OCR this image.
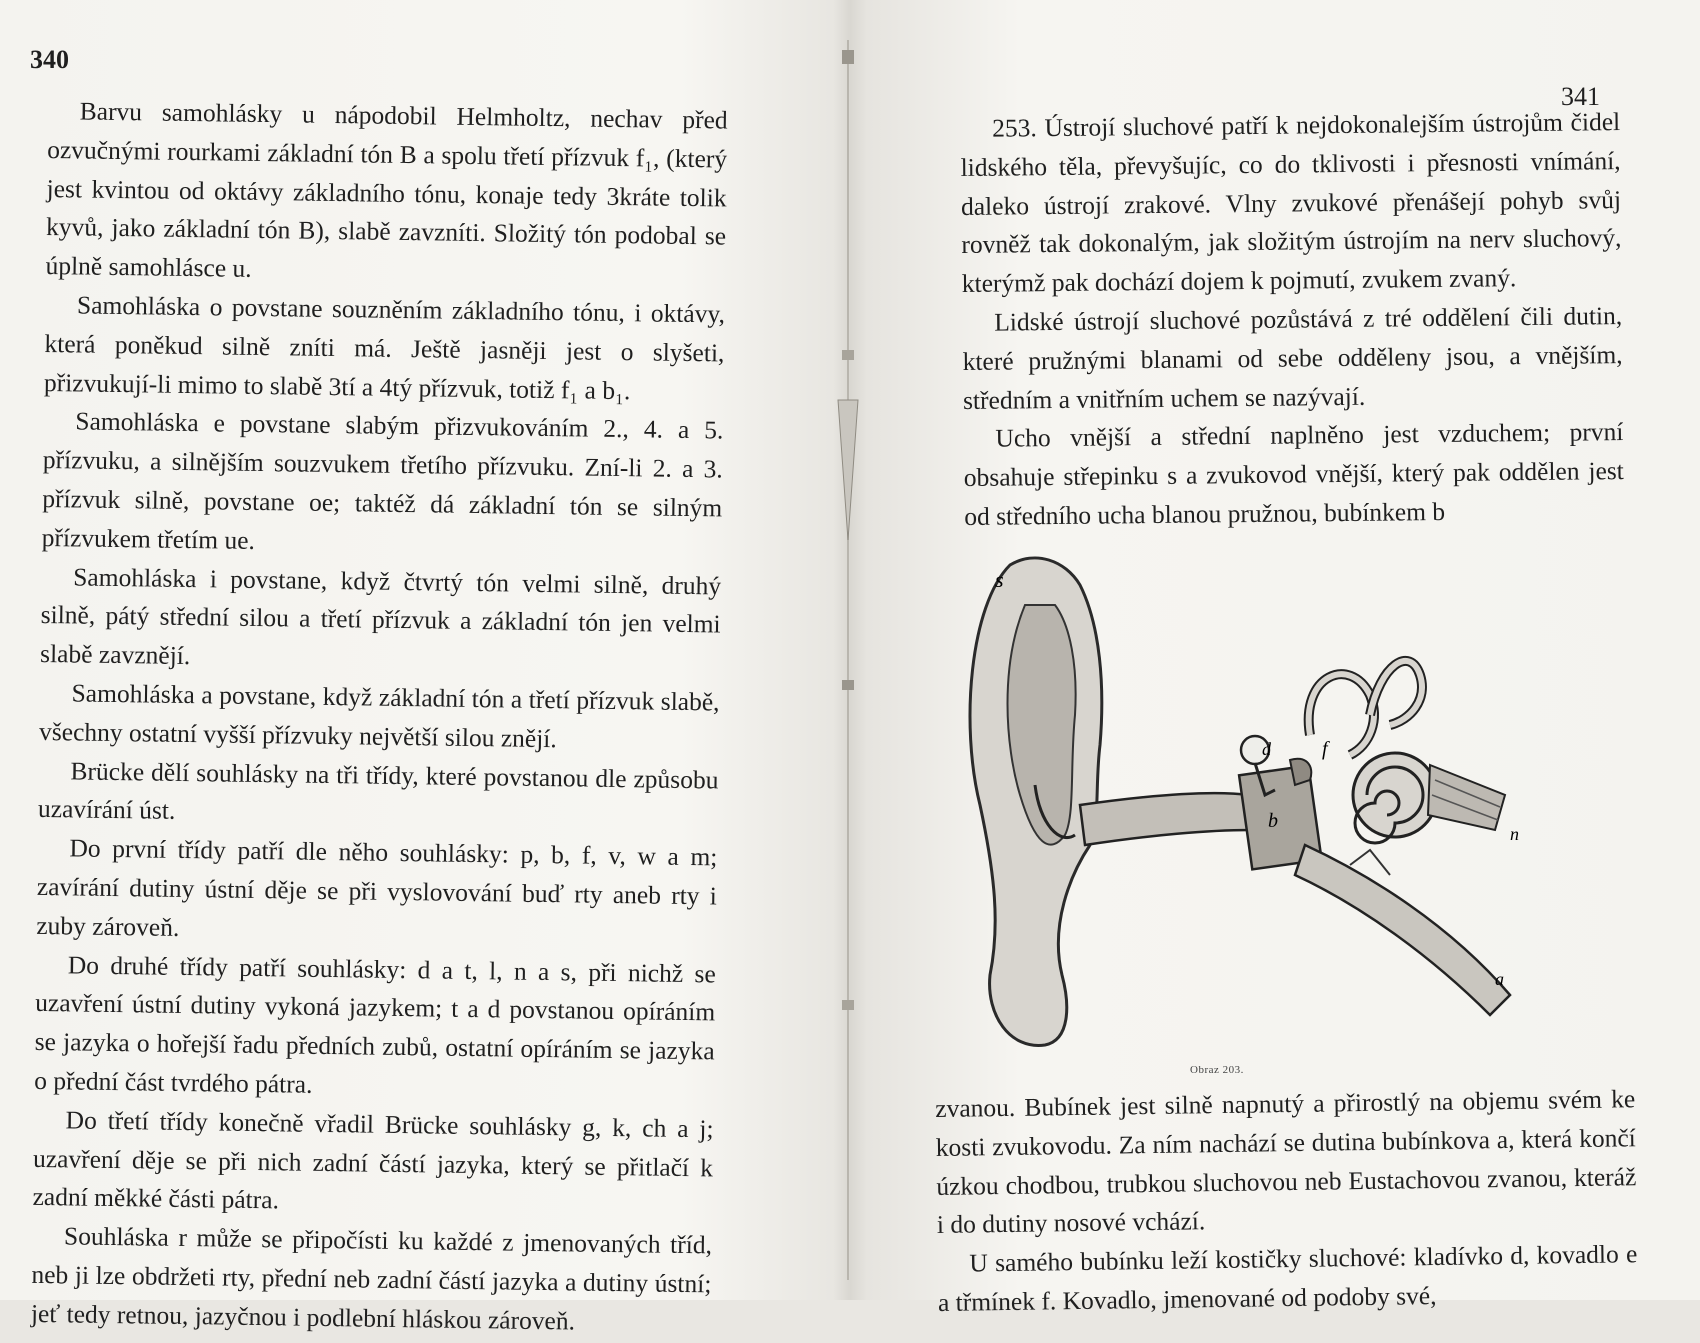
340

Barvu samohlásky u nápodobil Helmholtz, nechav před ozvučnými rourkami základní tón B a spolu třetí přízvuk f₁, (který jest kvintou od oktávy základního tónu, konaje tedy 3kráte tolik kyvů, jako základní tón B), slabě zavzníti. Složitý tón podobal se úplně samohlásce u.

Samohláska o povstane souzněním základního tónu, i oktávy, která poněkud silně zníti má. Ještě jasněji jest o slyšeti, přizvukují-li mimo to slabě 3tí a 4tý přízvuk, totiž f₁ a b₁.

Samohláska e povstane slabým přizvukováním 2., 4. a 5. přízvuku, a silnějším souzvukem třetího přízvuku. Zní-li 2. a 3. přízvuk silně, povstane oe; taktéž dá základní tón se silným přízvukem třetím ue.

Samohláska i povstane, když čtvrtý tón velmi silně, druhý silně, pátý střední silou a třetí přízvuk a základní tón jen velmi slabě zavznějí.

Samohláska a povstane, když základní tón a třetí přízvuk slabě, všechny ostatní vyšší přízvuky největší silou znějí.

Brücke dělí souhlásky na tři třídy, které povstanou dle způsobu uzavírání úst.

Do první třídy patří dle něho souhlásky: p, b, f, v, w a m; zavírání dutiny ústní děje se při vyslovování buď rty aneb rty i zuby zároveň.

Do druhé třídy patří souhlásky: d a t, l, n a s, při nichž se uzavření ústní dutiny vykoná jazykem; t a d povstanou opíráním se jazyka o hořejší řadu předních zubů, ostatní opíráním se jazyka o přední část tvrdého pátra.

Do třetí třídy konečně vřadil Brücke souhlásky g, k, ch a j; uzavření děje se při nich zadní částí jazyka, který se přitlačí k zadní měkké části pátra.

Souhláska r může se připočísti ku každé z jmenovaných tříd, neb ji lze obdržeti rty, přední neb zadní částí jazyka a dutiny ústní; jeť tedy retnou, jazyčnou i podlební hláskou zároveň.

341

253. Ústrojí sluchové patří k nejdokonalejším ústrojům čidel lidského těla, převyšujíc, co do tklivosti i přesnosti vnímání, daleko ústrojí zrakové. Vlny zvukové přenášejí pohyb svůj rovněž tak dokonalým, jak složitým ústrojím na nerv sluchový, kterýmž pak dochází dojem k pojmutí, zvukem zvaný.

Lidské ústrojí sluchové pozůstává z tré oddělení čili dutin, které pružnými blanami od sebe odděleny jsou, a vnějším, středním a vnitřním uchem se nazývají.

Ucho vnější a střední naplněno jest vzduchem; první obsahuje střepinku s a zvukovod vnější, který pak oddělen jest od středního ucha blanou pružnou, bubínkem b

s
b
d	f
n
a
Obraz 203.

zvanou. Bubínek jest silně napnutý a přirostlý na objemu svém ke kosti zvukovodu. Za ním nachází se dutina bubínkova a, která končí úzkou chodbou, trubkou sluchovou neb Eustachovou zvanou, kteráž i do dutiny nosové vchází.

U samého bubínku leží kostičky sluchové: kladívko d, kovadlo e a třmínek f. Kovadlo, jmenované od podoby své,
